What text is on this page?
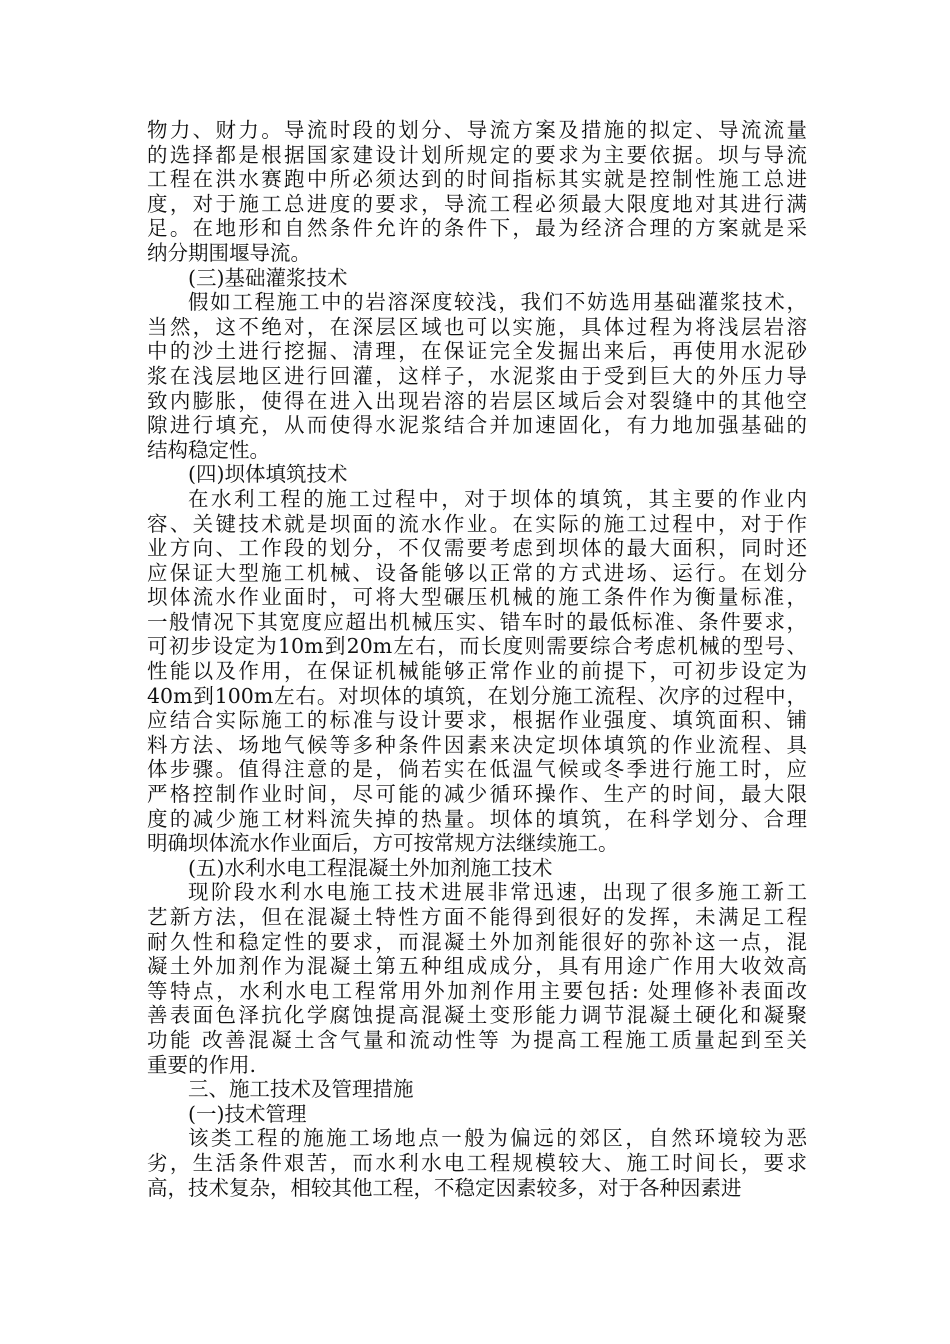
物力、财力。导流时段的划分、导流方案及措施的拟定、导流流量
的选择都是根据国家建设计划所规定的要求为主要依据。坝与导流
工程在洪水赛跑中所必须达到的时间指标其实就是控制性施工总进
度，对于施工总进度的要求，导流工程必须最大限度地对其进行满
足。在地形和自然条件允许的条件下，最为经济合理的方案就是采
纳分期围堰导流。
(三)基础灌浆技术
假如工程施工中的岩溶深度较浅，我们不妨选用基础灌浆技术，
当然，这不绝对，在深层区域也可以实施，具体过程为将浅层岩溶
中的沙土进行挖掘、清理，在保证完全发掘出来后，再使用水泥砂
浆在浅层地区进行回灌，这样子，水泥浆由于受到巨大的外压力导
致内膨胀，使得在进入出现岩溶的岩层区域后会对裂缝中的其他空
隙进行填充，从而使得水泥浆结合并加速固化，有力地加强基础的
结构稳定性。
(四)坝体填筑技术
在水利工程的施工过程中，对于坝体的填筑，其主要的作业内
容、关键技术就是坝面的流水作业。在实际的施工过程中，对于作
业方向、工作段的划分，不仅需要考虑到坝体的最大面积，同时还
应保证大型施工机械、设备能够以正常的方式进场、运行。在划分
坝体流水作业面时，可将大型碾压机械的施工条件作为衡量标准，
一般情况下其宽度应超出机械压实、错车时的最低标准、条件要求，
可初步设定为10m到20m左右，而长度则需要综合考虑机械的型号、
性能以及作用，在保证机械能够正常作业的前提下，可初步设定为
40m到100m左右。对坝体的填筑，在划分施工流程、次序的过程中，
应结合实际施工的标准与设计要求，根据作业强度、填筑面积、铺
料方法、场地气候等多种条件因素来决定坝体填筑的作业流程、具
体步骤。值得注意的是，倘若实在低温气候或冬季进行施工时，应
严格控制作业时间，尽可能的减少循环操作、生产的时间，最大限
度的减少施工材料流失掉的热量。坝体的填筑，在科学划分、合理
明确坝体流水作业面后，方可按常规方法继续施工。
(五)水利水电工程混凝土外加剂施工技术
现阶段水利水电施工技术进展非常迅速，出现了很多施工新工
艺新方法，但在混凝土特性方面不能得到很好的发挥，未满足工程
耐久性和稳定性的要求，而混凝土外加剂能很好的弥补这一点，混
凝土外加剂作为混凝土第五种组成成分，具有用途广作用大收效高
等特点，水利水电工程常用外加剂作用主要包括: 处理修补表面改
善表面色泽抗化学腐蚀提高混凝土变形能力调节混凝土硬化和凝聚
功能 改善混凝土含气量和流动性等 为提高工程施工质量起到至关
重要的作用.
三、施工技术及管理措施
(一)技术管理
该类工程的施施工场地点一般为偏远的郊区，自然环境较为恶
劣，生活条件艰苦，而水利水电工程规模较大、施工时间长，要求
高，技术复杂，相较其他工程，不稳定因素较多，对于各种因素进
